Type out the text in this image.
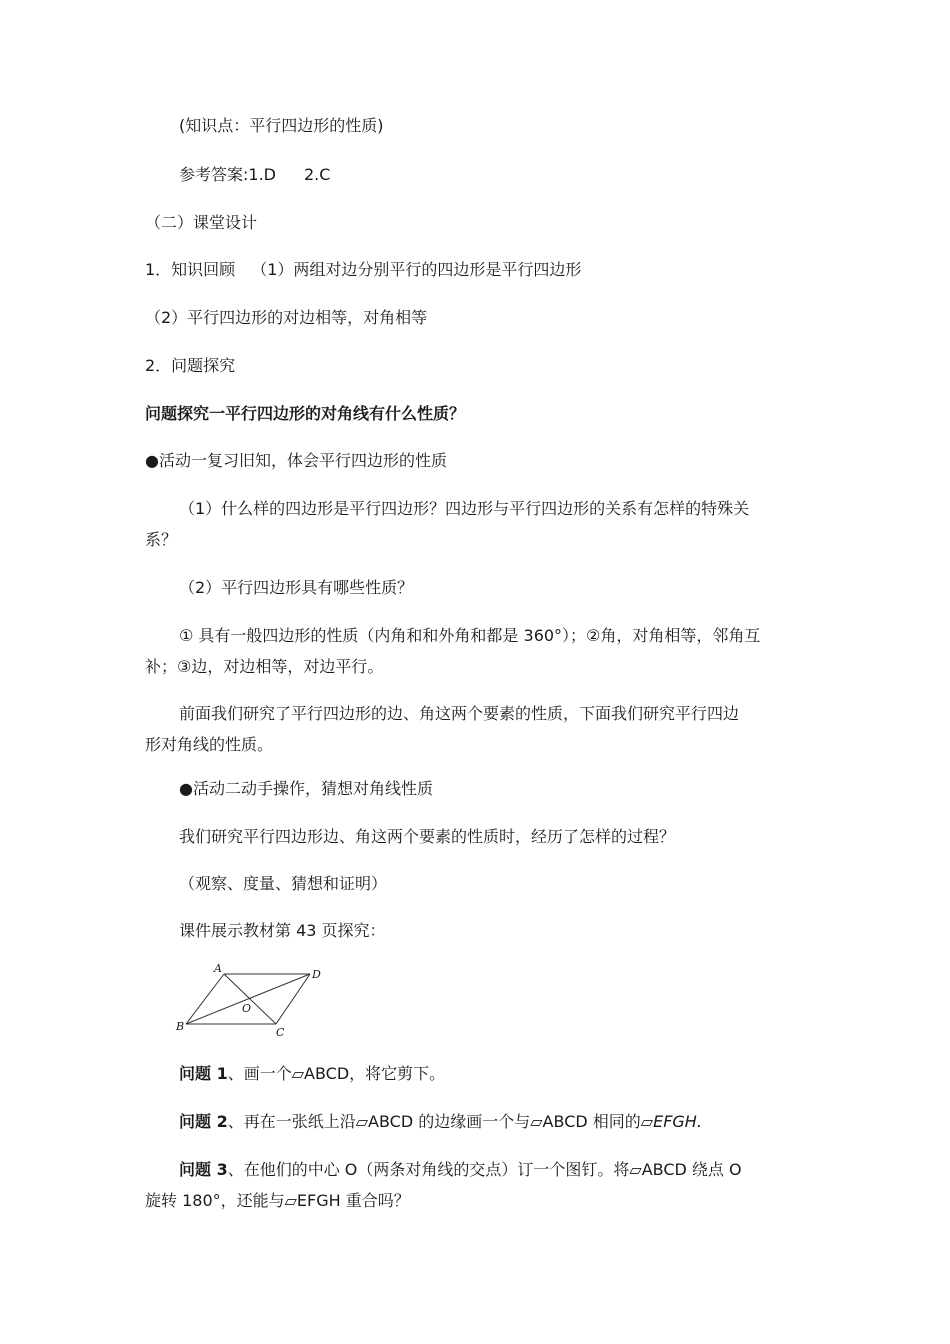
(知识点：平行四边形的性质)
参考答案:1.D 2.C
（二）课堂设计
1．知识回顾 （1）两组对边分别平行的四边形是平行四边形
（2）平行四边形的对边相等，对角相等
2．问题探究
问题探究一平行四边形的对角线有什么性质？
●活动一复习旧知，体会平行四边形的性质
（1）什么样的四边形是平行四边形？四边形与平行四边形的关系有怎样的特殊关
系？
（2）平行四边形具有哪些性质？
① 具有一般四边形的性质（内角和和外角和都是 360°）；②角，对角相等，邻角互
补；③边，对边相等，对边平行。
前面我们研究了平行四边形的边、角这两个要素的性质，下面我们研究平行四边
形对角线的性质。
●活动二动手操作，猜想对角线性质
我们研究平行四边形边、角这两个要素的性质时，经历了怎样的过程？
（观察、度量、猜想和证明）
课件展示教材第 43 页探究：
A	D
B	C
O
问题 1、画一个▱ABCD，将它剪下。
问题 2、再在一张纸上沿▱ABCD 的边缘画一个与▱ABCD 相同的▱EFGH.
问题 3、在他们的中心 O（两条对角线的交点）订一个图钉。将▱ABCD 绕点 O
旋转 180°，还能与▱EFGH 重合吗？
